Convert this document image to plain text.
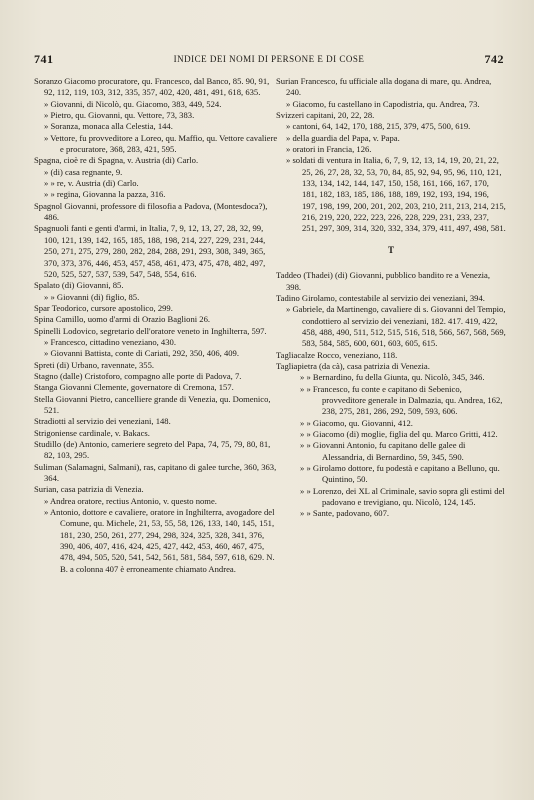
741	INDICE DEI NOMI DI PERSONE E DI COSE	742

Soranzo Giacomo procuratore, qu. Francesco, dal Banco, 85. 90, 91, 92, 112, 119, 103, 312, 335, 357, 402, 420, 481, 491, 618, 635.

» Giovanni, di Nicolò, qu. Giacomo, 383, 449, 524.

» Pietro, qu. Giovanni, qu. Vettore, 73, 383.

» Soranza, monaca alla Celestia, 144.

» Vettore, fu provveditore a Loreo, qu. Maffio, qu. Vettore cavaliere e procuratore, 368, 283, 421, 595.

Spagna, cioè re di Spagna, v. Austria (di) Carlo.

» (di) casa regnante, 9.

» » re, v. Austria (di) Carlo.

» » regina, Giovanna la pazza, 316.

Spagnol Giovanni, professore di filosofia a Padova, (Montesdoca?), 486.

Spagnuoli fanti e genti d'armi, in Italia, 7, 9, 12, 13, 27, 28, 32, 99, 100, 121, 139, 142, 165, 185, 188, 198, 214, 227, 229, 231, 244, 250, 271, 275, 279, 280, 282, 284, 288, 291, 293, 308, 349, 365, 370, 373, 376, 446, 453, 457, 458, 461, 473, 475, 478, 482, 497, 520, 525, 527, 537, 539, 547, 548, 554, 616.

Spalato (di) Giovanni, 85.

» » Giovanni (di) figlio, 85.

Spar Teodorico, cursore apostolico, 299.

Spina Camillo, uomo d'armi di Orazio Baglioni 26.

Spinelli Lodovico, segretario dell'oratore veneto in Inghilterra, 597.

» Francesco, cittadino veneziano, 430.

» Giovanni Battista, conte di Cariati, 292, 350, 406, 409.

Spreti (di) Urbano, ravennate, 355.

Stagno (dalle) Cristoforo, compagno alle porte di Padova, 7.

Stanga Giovanni Clemente, governatore di Cremona, 157.

Stella Giovanni Pietro, cancelliere grande di Venezia, qu. Domenico, 521.

Stradiotti al servizio dei veneziani, 148.

Strigoniense cardinale, v. Bakacs.

Studillo (de) Antonio, cameriere segreto del Papa, 74, 75, 79, 80, 81, 82, 103, 295.

Suliman (Salamagni, Salmani), ras, capitano di galee turche, 360, 363, 364.

Surian, casa patrizia di Venezia.

» Andrea oratore, rectius Antonio, v. questo nome.

» Antonio, dottore e cavaliere, oratore in Inghilterra, avogadore del Comune, qu. Michele, 21, 53, 55, 58, 126, 133, 140, 145, 151, 181, 230, 250, 261, 277, 294, 298, 324, 325, 328, 341, 376, 390, 406, 407, 416, 424, 425, 427, 442, 453, 460, 467, 475, 478, 494, 505, 520, 541, 542, 561, 581, 584, 597, 618, 629. N. B. a colonna 407 è erroneamente chiamato Andrea.

Surian Francesco, fu ufficiale alla dogana di mare, qu. Andrea, 240.

» Giacomo, fu castellano in Capodistria, qu. Andrea, 73.

Svizzeri capitani, 20, 22, 28.

» cantoni, 64, 142, 170, 188, 215, 379, 475, 500, 619.

» della guardia del Papa, v. Papa.

» oratori in Francia, 126.

» soldati di ventura in Italia, 6, 7, 9, 12, 13, 14, 19, 20, 21, 22, 25, 26, 27, 28, 32, 53, 70, 84, 85, 92, 94, 95, 96, 110, 121, 133, 134, 142, 144, 147, 150, 158, 161, 166, 167, 170, 181, 182, 183, 185, 186, 188, 189, 192, 193, 194, 196, 197, 198, 199, 200, 201, 202, 203, 210, 211, 213, 214, 215, 216, 219, 220, 222, 223, 226, 228, 229, 231, 233, 237, 251, 297, 309, 314, 320, 332, 334, 379, 411, 497, 498, 581.

T

Taddeo (Thadei) (di) Giovanni, pubblico bandito re a Venezia, 398.

Tadino Girolamo, contestabile al servizio dei veneziani, 394.

» Gabriele, da Martinengo, cavaliere di s. Giovanni del Tempio, condottiero al servizio dei veneziani, 182. 417. 419, 422, 458, 488, 490, 511, 512, 515, 516, 518, 566, 567, 568, 569, 583, 584, 585, 600, 601, 603, 605, 615.

Tagliacalze Rocco, veneziano, 118.

Tagliapietra (da cà), casa patrizia di Venezia.

» » Bernardino, fu della Giunta, qu. Nicolò, 345, 346.

» » Francesco, fu conte e capitano di Sebenico, provveditore generale in Dalmazia, qu. Andrea, 162, 238, 275, 281, 286, 292, 509, 593, 606.

» » Giacomo, qu. Giovanni, 412.

» » Giacomo (di) moglie, figlia del qu. Marco Gritti, 412.

» » Giovanni Antonio, fu capitano delle galee di Alessandria, di Bernardino, 59, 345, 590.

» » Girolamo dottore, fu podestà e capitano a Belluno, qu. Quintino, 50.

» » Lorenzo, dei XL al Criminale, savio sopra gli estimi del padovano e trevigiano, qu. Nicolò, 124, 145.

» » Sante, padovano, 607.
